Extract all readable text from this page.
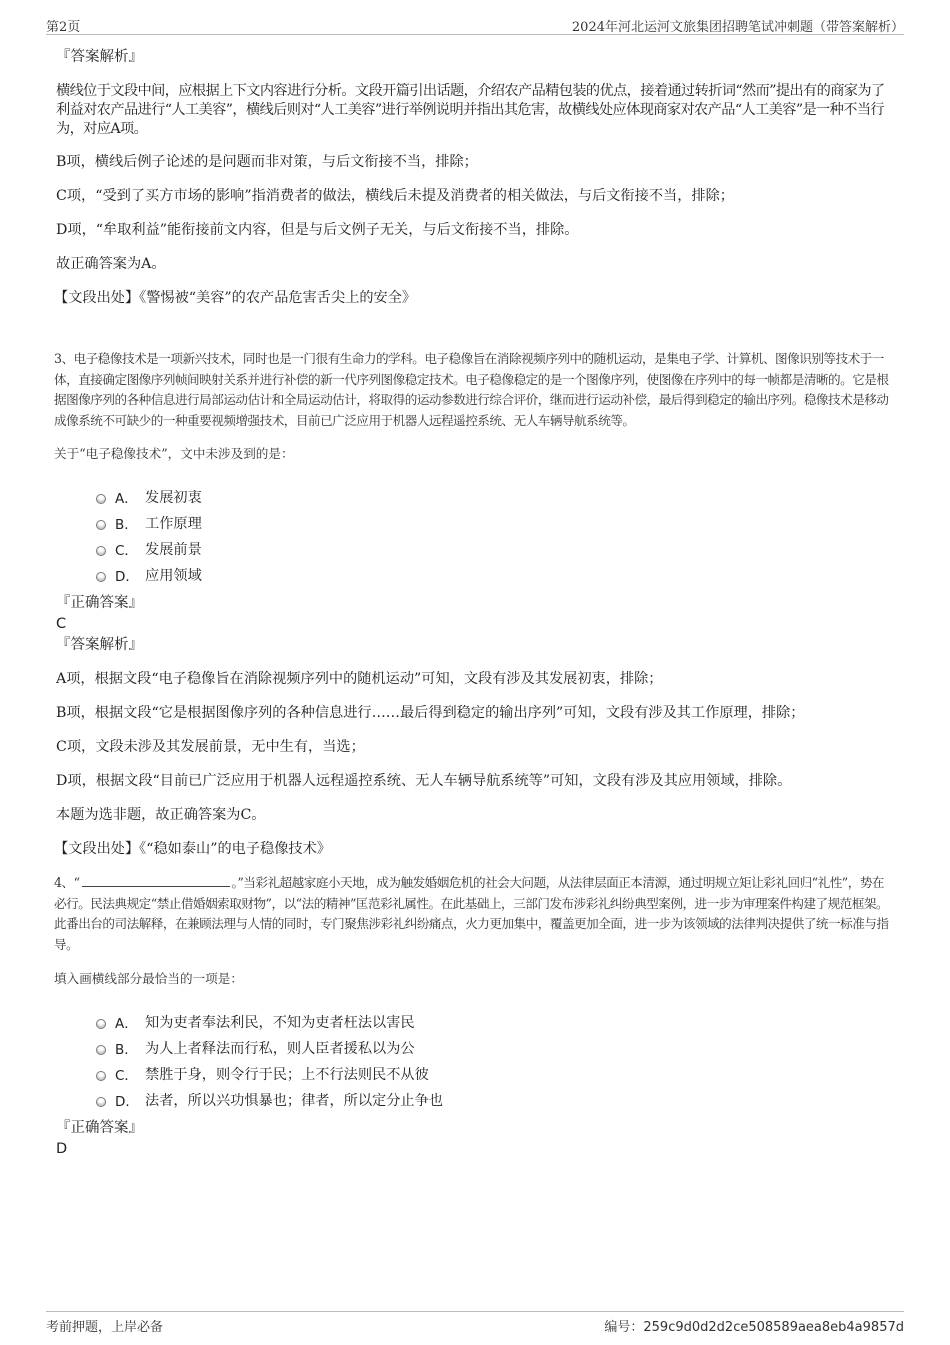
第2页	2024年河北运河文旅集团招聘笔试冲刺题（带答案解析）

『答案解析』

横线位于文段中间，应根据上下文内容进行分析。文段开篇引出话题，介绍农产品精包装的优点，接着通过转折词“然而”提出有的商家为了利益对农产品进行“人工美容”，横线后则对“人工美容”进行举例说明并指出其危害，故横线处应体现商家对农产品“人工美容”是一种不当行为，对应A项。

B项，横线后例子论述的是问题而非对策，与后文衔接不当，排除；

C项，“受到了买方市场的影响”指消费者的做法，横线后未提及消费者的相关做法，与后文衔接不当，排除；

D项，“牟取利益”能衔接前文内容，但是与后文例子无关，与后文衔接不当，排除。

故正确答案为A。

【文段出处】《警惕被“美容”的农产品危害舌尖上的安全》

3、电子稳像技术是一项新兴技术，同时也是一门很有生命力的学科。电子稳像旨在消除视频序列中的随机运动，是集电子学、计算机、图像识别等技术于一体，直接确定图像序列帧间映射关系并进行补偿的新一代序列图像稳定技术。电子稳像稳定的是一个图像序列，使图像在序列中的每一帧都是清晰的。它是根据图像序列的各种信息进行局部运动估计和全局运动估计，将取得的运动参数进行综合评价，继而进行运动补偿，最后得到稳定的输出序列。稳像技术是移动成像系统不可缺少的一种重要视频增强技术，目前已广泛应用于机器人远程遥控系统、无人车辆导航系统等。

关于“电子稳像技术”，文中未涉及到的是：

A． 发展初衷
B． 工作原理
C． 发展前景
D． 应用领域

『正确答案』

C

『答案解析』

A项，根据文段“电子稳像旨在消除视频序列中的随机运动”可知，文段有涉及其发展初衷，排除；

B项，根据文段“它是根据图像序列的各种信息进行……最后得到稳定的输出序列”可知，文段有涉及其工作原理，排除；

C项，文段未涉及其发展前景，无中生有，当选；

D项，根据文段“目前已广泛应用于机器人远程遥控系统、无人车辆导航系统等”可知，文段有涉及其应用领域，排除。

本题为选非题，故正确答案为C。

【文段出处】《“稳如泰山”的电子稳像技术》

4、“	。”当彩礼超越家庭小天地，成为触发婚姻危机的社会大问题，从法律层面正本清源，通过明规立矩让彩礼回归“礼性”，势在必行。民法典规定“禁止借婚姻索取财物”，以“法的精神”匡范彩礼属性。在此基础上，三部门发布涉彩礼纠纷典型案例，进一步为审理案件构建了规范框架。此番出台的司法解释，在兼顾法理与人情的同时，专门聚焦涉彩礼纠纷痛点，火力更加集中，覆盖更加全面，进一步为该领域的法律判决提供了统一标准与指导。

填入画横线部分最恰当的一项是：

A． 知为吏者奉法利民，不知为吏者枉法以害民
B． 为人上者释法而行私，则人臣者援私以为公
C． 禁胜于身，则令行于民；上不行法则民不从彼
D． 法者，所以兴功惧暴也；律者，所以定分止争也

『正确答案』

D

考前押题，上岸必备	编号：259c9d0d2d2ce508589aea8eb4a9857d
